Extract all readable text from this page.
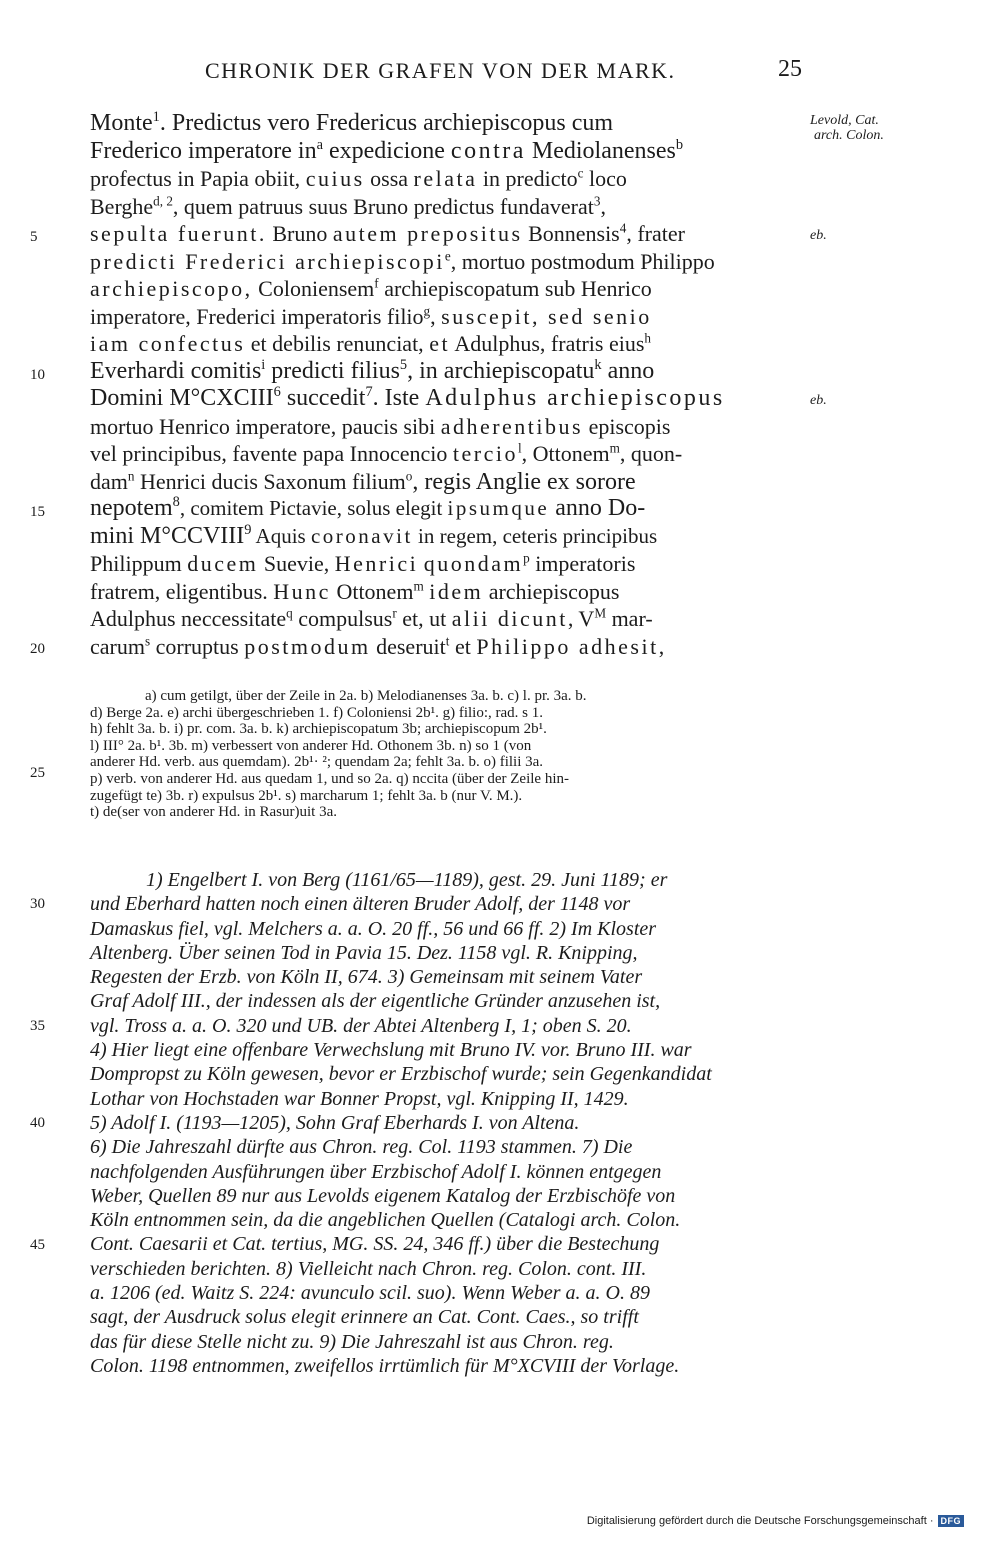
CHRONIK DER GRAFEN VON DER MARK.	25
Levold, Cat.
arch. Colon.
eb.
eb.
5
10
15
20
25
30
35
40
45
Monte$^1$. Predictus vero Fredericus archiepiscopus cum
Frederico imperatore $in^a$ expedicione contra Mediolanenses$^b$
profectus in Papia obiit, cuius ossa relata in predicto$^c$ loco
Berghe$^{d, 2}$, quem patruus suus Bruno predictus fundaverat$^3$,
sepulta fuerunt. Bruno autem prepositus Bonnensis$^4$, frater
predicti Frederici archiepiscopi$^e$, mortuo postmodum Philippo
archiepiscopo, Coloniensem$^f$ archiepiscopatum sub Henrico
imperatore, Frederici imperatoris filio$^g$, suscepit, sed senio
iam confectus et debilis renunciat, et Adulphus, fratris eius$^h$
Everhardi comitis$^i$ predicti filius$^5$, in archiepiscopatu$^k$ anno
Domini M°CXCIII$^6$ succedit$^7$. Iste Adulphus archiepiscopus
mortuo Henrico imperatore, paucis sibi adherentibus episcopis
vel principibus, favente papa Innocencio tercio$^l$, Ottonem$^m$, quon-
dam$^n$ Henrici ducis Saxonum filium$^o$, regis Anglie ex sorore
nepotem$^8$, comitem Pictavie, solus elegit ipsumque anno Do-
mini M°CCVIII$^9$ Aquis coronavit in regem, ceteris principibus
Philippum ducem Suevie, Henrici quondam$^p$ imperatoris
fratrem, eligentibus. Hunc Ottonem$^m$ idem archiepiscopus
Adulphus neccessitate$^q$ compulsus$^r$ et, ut alii dicunt, $V^M$ mar-
carum$^s$ corruptus postmodum deseruit$^t$ et Philippo adhesit,
a) cum getilgt, über der Zeile in 2a. b) Melodianenses 3a. b. c) l. pr. 3a. b.
d) Berge 2a. e) archi übergeschrieben 1. f) Coloniensi 2b¹. g) filio:, rad. s 1.
h) fehlt 3a. b. i) pr. com. 3a. b. k) archiepiscopatum 3b; archiepiscopum 2b¹.
l) III° 2a. b¹. 3b. m) verbessert von anderer Hd. Othonem 3b. n) so 1 (von
anderer Hd. verb. aus quemdam). 2b¹· ²; quendam 2a; fehlt 3a. b. o) filii 3a.
p) verb. von anderer Hd. aus quedam 1, und so 2a. q) nccita (über der Zeile hin-
zugefügt te) 3b. r) expulsus 2b¹. s) marcharum 1; fehlt 3a. b (nur V. M.).
t) de(ser von anderer Hd. in Rasur)uit 3a.
1) Engelbert I. von Berg (1161/65—1189), gest. 29. Juni 1189; er
und Eberhard hatten noch einen älteren Bruder Adolf, der 1148 vor
Damaskus fiel, vgl. Melchers a. a. O. 20 ff., 56 und 66 ff. 2) Im Kloster
Altenberg. Über seinen Tod in Pavia 15. Dez. 1158 vgl. R. Knipping,
Regesten der Erzb. von Köln II, 674. 3) Gemeinsam mit seinem Vater
Graf Adolf III., der indessen als der eigentliche Gründer anzusehen ist,
vgl. Tross a. a. O. 320 und UB. der Abtei Altenberg I, 1; oben S. 20.
4) Hier liegt eine offenbare Verwechslung mit Bruno IV. vor. Bruno III. war
Dompropst zu Köln gewesen, bevor er Erzbischof wurde; sein Gegenkandidat
Lothar von Hochstaden war Bonner Propst, vgl. Knipping II, 1429.
5) Adolf I. (1193—1205), Sohn Graf Eberhards I. von Altena.
6) Die Jahreszahl dürfte aus Chron. reg. Col. 1193 stammen. 7) Die
nachfolgenden Ausführungen über Erzbischof Adolf I. können entgegen
Weber, Quellen 89 nur aus Levolds eigenem Katalog der Erzbischöfe von
Köln entnommen sein, da die angeblichen Quellen (Catalogi arch. Colon.
Cont. Caesarii et Cat. tertius, MG. SS. 24, 346 ff.) über die Bestechung
verschieden berichten. 8) Vielleicht nach Chron. reg. Colon. cont. III.
a. 1206 (ed. Waitz S. 224: avunculo scil. suo). Wenn Weber a. a. O. 89
sagt, der Ausdruck solus elegit erinnere an Cat. Cont. Caes., so trifft
das für diese Stelle nicht zu. 9) Die Jahreszahl ist aus Chron. reg.
Colon. 1198 entnommen, zweifellos irrtümlich für M°XCVIII der Vorlage.
Digitalisierung gefördert durch die Deutsche Forschungsgemeinschaft · DFG
